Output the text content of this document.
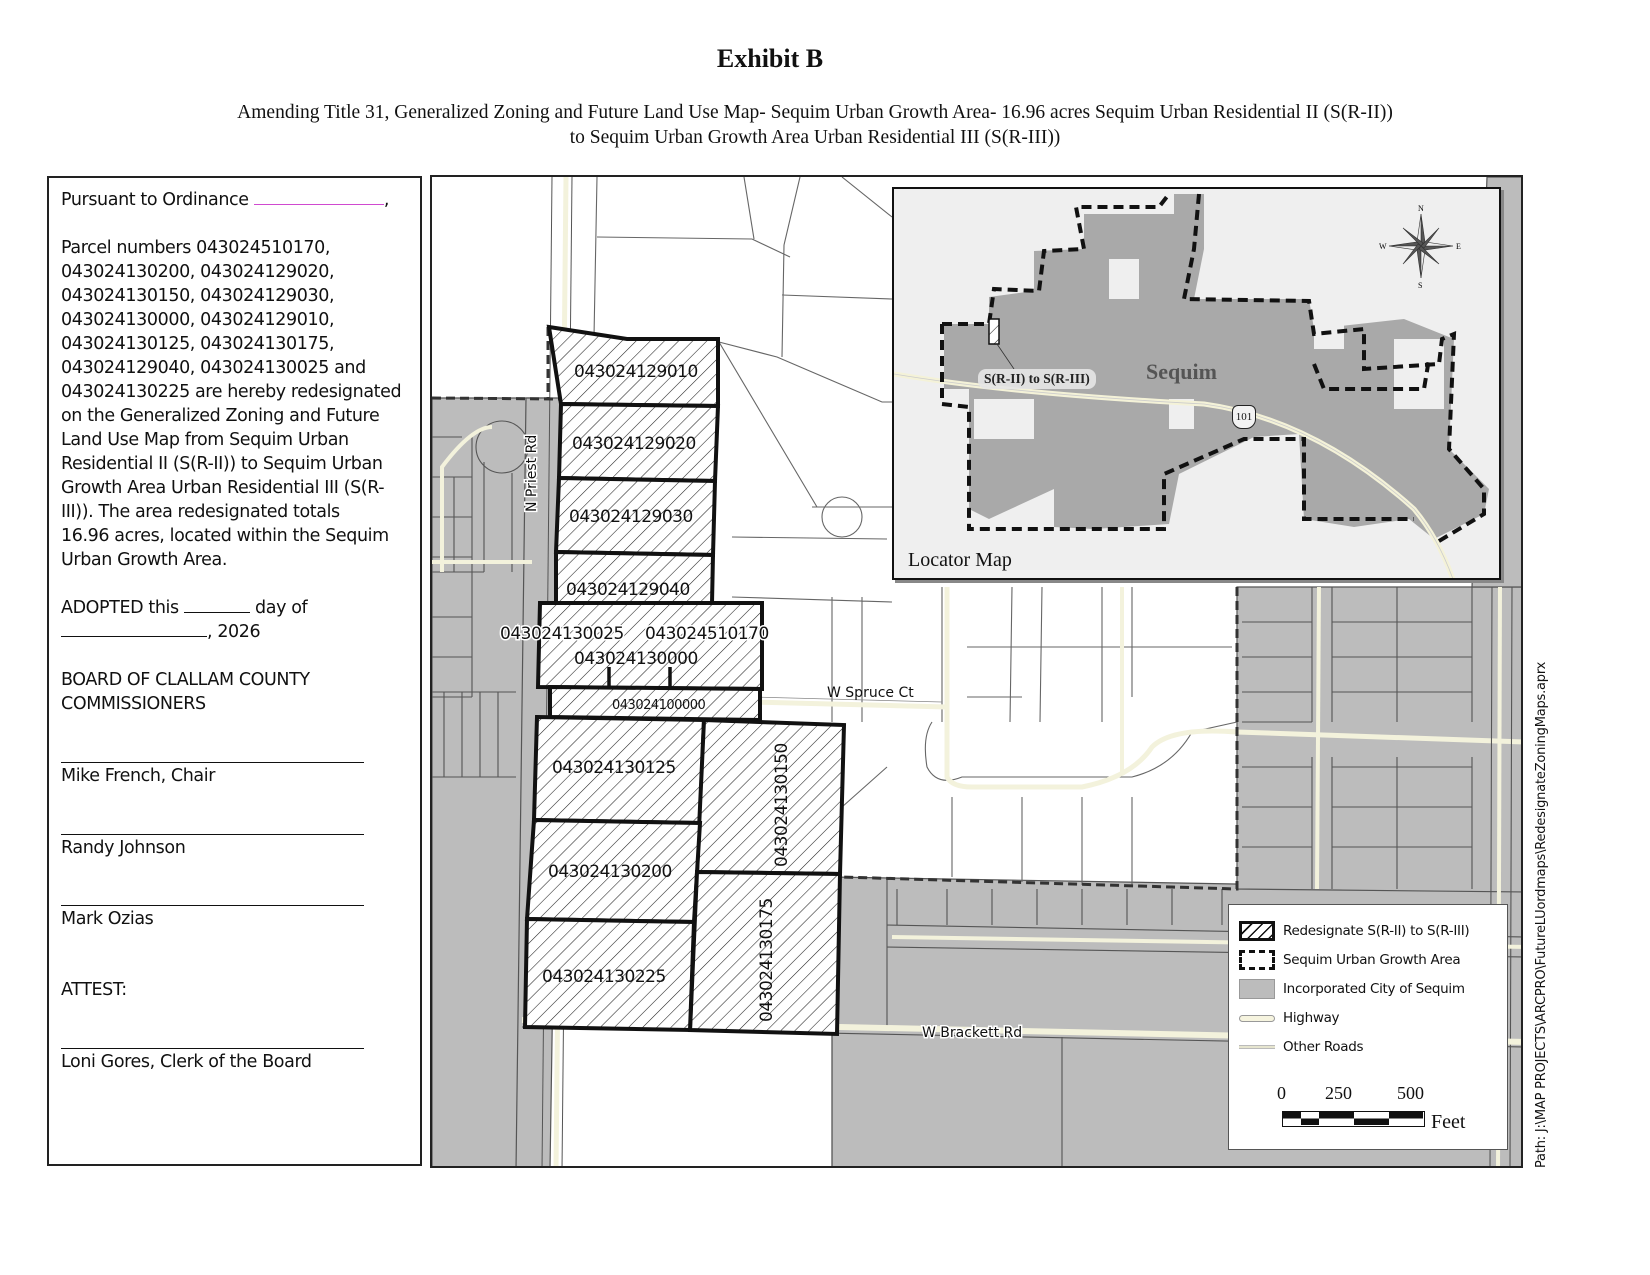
Exhibit B
Amending Title 31, Generalized Zoning and Future Land Use Map- Sequim Urban Growth Area- 16.96 acres Sequim Urban Residential II (S(R-II))
to Sequim Urban Growth Area Urban Residential III (S(R-III))
Pursuant to Ordinance	,
Parcel numbers 043024510170,
043024130200, 043024129020,
043024130150, 043024129030,
043024130000, 043024129010,
043024130125, 043024130175,
043024129040, 043024130025 and
043024130225 are hereby redesignated
on the Generalized Zoning and Future
Land Use Map from Sequim Urban
Residential II (S(R-II)) to Sequim Urban
Growth Area Urban Residential III (S(R-
III)). The area redesignated totals
16.96 acres, located within the Sequim
Urban Growth Area.
ADOPTED this	day of
, 2026
BOARD OF CLALLAM COUNTY
COMMISSIONERS
Mike French, Chair
Randy Johnson
Mark Ozias
ATTEST:
Loni Gores, Clerk of the Board
043024129010
043024129020
043024129030
043024129040
043024130025 043024510170
043024130000
043024100000
043024130125	043024130150
043024130200
043024130175
043024130225
N Priest Rd
W Spruce Ct
W Brackett Rd
S(R-II) to S(R-III)	Sequim
101
N
S
W	E
Locator Map
Redesignate S(R-II) to S(R-III)
Sequim Urban Growth Area
Incorporated City of Sequim
Highway
Other Roads
0 250	500
Feet	Path: J:\MAP PROJECTS\ARCPRO\FutureLUordmaps\RedesignateZoningMaps.aprx
